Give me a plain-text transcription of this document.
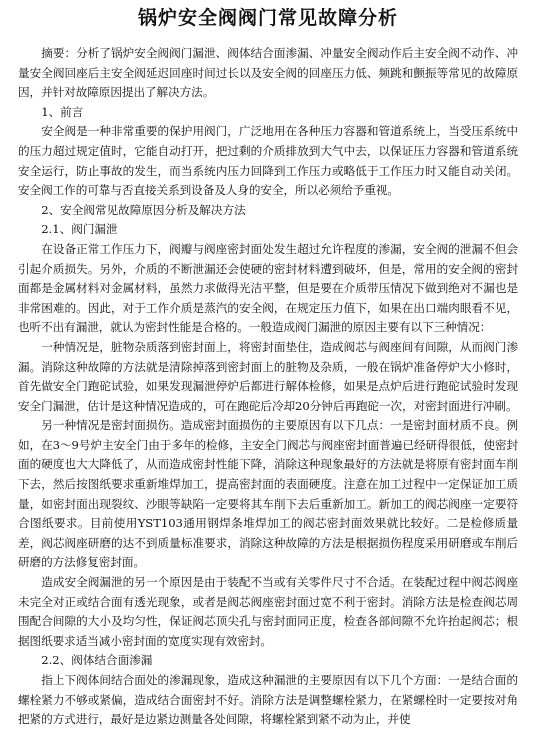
锅炉安全阀阀门常见故障分析

摘要：分析了锅炉安全阀阀门漏泄、阀体结合面渗漏、冲量安全阀动作后主安全阀不动作、冲量安全阀回座后主安全阀延迟回座时间过长以及安全阀的回座压力低、频跳和颤振等常见的故障原因，并针对故障原因提出了解决方法。

1、前言

安全阀是一种非常重要的保护用阀门，广泛地用在各种压力容器和管道系统上，当受压系统中的压力超过规定值时，它能自动打开，把过剩的介质排放到大气中去，以保证压力容器和管道系统安全运行，防止事故的发生，而当系统内压力回降到工作压力或略低于工作压力时又能自动关闭。安全阀工作的可靠与否直接关系到设备及人身的安全，所以必须给予重视。

2、安全阀常见故障原因分析及解决方法

2.1、阀门漏泄

在设备正常工作压力下，阀瓣与阀座密封面处发生超过允许程度的渗漏，安全阀的泄漏不但会引起介质损失。另外，介质的不断泄漏还会使硬的密封材料遭到破坏，但是，常用的安全阀的密封面都是金属材料对金属材料，虽然力求做得光洁平整，但是要在介质带压情况下做到绝对不漏也是非常困难的。因此，对于工作介质是蒸汽的安全阀，在规定压力值下，如果在出口端肉眼看不见，也听不出有漏泄，就认为密封性能是合格的。一般造成阀门漏泄的原因主要有以下三种情况：

一种情况是，脏物杂质落到密封面上，将密封面垫住，造成阀芯与阀座间有间隙，从而阀门渗漏。消除这种故障的方法就是清除掉落到密封面上的脏物及杂质，一般在锅炉准备停炉大小修时，首先做安全门跑砣试验，如果发现漏泄停炉后都进行解体检修，如果是点炉后进行跑砣试验时发现安全门漏泄，估计是这种情况造成的，可在跑砣后冷却20分钟后再跑砣一次，对密封面进行冲刷。

另一种情况是密封面损伤。造成密封面损伤的主要原因有以下几点：一是密封面材质不良。例如，在3～9号炉主安全门由于多年的检修，主安全门阀芯与阀座密封面普遍已经研得很低，使密封面的硬度也大大降低了，从而造成密封性能下降，消除这种现象最好的方法就是将原有密封面车削下去，然后按图纸要求重新堆焊加工，提高密封面的表面硬度。注意在加工过程中一定保证加工质量，如密封面出现裂纹、沙眼等缺陷一定要将其车削下去后重新加工。新加工的阀芯阀座一定要符合图纸要求。目前使用YST103通用钢焊条堆焊加工的阀芯密封面效果就比较好。二是检修质量差，阀芯阀座研磨的达不到质量标准要求，消除这种故障的方法是根据损伤程度采用研磨或车削后研磨的方法修复密封面。

造成安全阀漏泄的另一个原因是由于装配不当或有关零件尺寸不合适。在装配过程中阀芯阀座未完全对正或结合面有透光现象，或者是阀芯阀座密封面过宽不利于密封。消除方法是检查阀芯周围配合间隙的大小及均匀性，保证阀芯顶尖孔与密封面同正度，检查各部间隙不允许抬起阀芯；根据图纸要求适当减小密封面的宽度实现有效密封。

2.2、阀体结合面渗漏

指上下阀体间结合面处的渗漏现象，造成这种漏泄的主要原因有以下几个方面：一是结合面的螺栓紧力不够或紧偏，造成结合面密封不好。消除方法是调整螺栓紧力，在紧螺栓时一定要按对角把紧的方式进行，最好是边紧边测量各处间隙，将螺栓紧到紧不动为止，并使
